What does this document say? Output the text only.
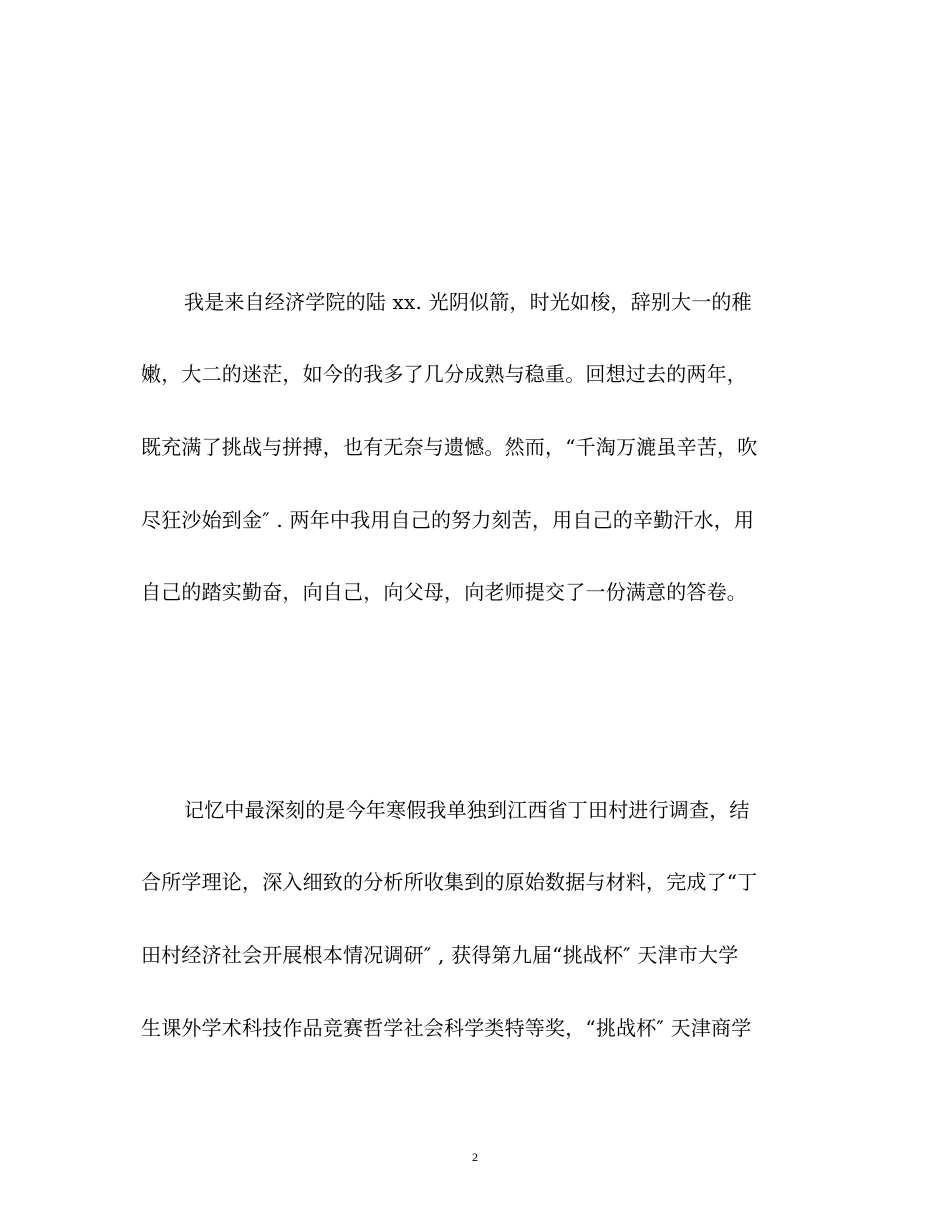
我是来自经济学院的陆 xx. 光阴似箭，时光如梭，辞别大一的稚
嫩，大二的迷茫，如今的我多了几分成熟与稳重。回想过去的两年，
既充满了挑战与拼搏，也有无奈与遗憾。然而，“千淘万漉虽辛苦，吹
尽狂沙始到金″ . 两年中我用自己的努力刻苦，用自己的辛勤汗水，用
自己的踏实勤奋，向自己，向父母，向老师提交了一份满意的答卷。
记忆中最深刻的是今年寒假我单独到江西省丁田村进行调查，结
合所学理论，深入细致的分析所收集到的原始数据与材料，完成了“丁
田村经济社会开展根本情况调研″ , 获得第九届“挑战杯″ 天津市大学
生课外学术科技作品竞赛哲学社会科学类特等奖，“挑战杯″ 天津商学
2
